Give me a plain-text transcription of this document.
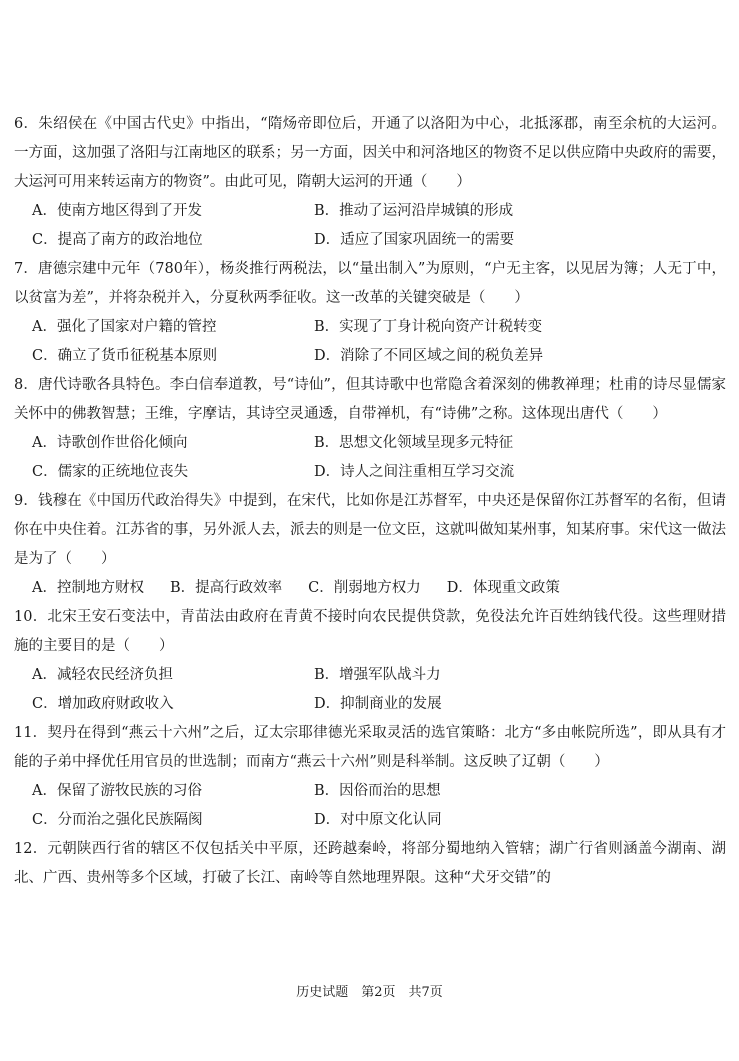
6．朱绍侯在《中国古代史》中指出，“隋炀帝即位后，开通了以洛阳为中心，北抵涿郡，南至余杭的大运河。一方面，这加强了洛阳与江南地区的联系；另一方面，因关中和河洛地区的物资不足以供应隋中央政府的需要，大运河可用来转运南方的物资”。由此可见，隋朝大运河的开通（　　）

A．使南方地区得到了开发	B．推动了运河沿岸城镇的形成
C．提高了南方的政治地位	D．适应了国家巩固统一的需要

7．唐德宗建中元年（780年），杨炎推行两税法，以“量出制入”为原则，“户无主客，以见居为簿；人无丁中，以贫富为差”，并将杂税并入，分夏秋两季征收。这一改革的关键突破是（　　）

A．强化了国家对户籍的管控	B．实现了丁身计税向资产计税转变
C．确立了货币征税基本原则	D．消除了不同区域之间的税负差异

8．唐代诗歌各具特色。李白信奉道教，号“诗仙”，但其诗歌中也常隐含着深刻的佛教禅理；杜甫的诗尽显儒家关怀中的佛教智慧；王维，字摩诘，其诗空灵通透，自带禅机，有“诗佛”之称。这体现出唐代（　　）

A．诗歌创作世俗化倾向	B．思想文化领域呈现多元特征
C．儒家的正统地位丧失	D．诗人之间注重相互学习交流

9．钱穆在《中国历代政治得失》中提到，在宋代，比如你是江苏督军，中央还是保留你江苏督军的名衔，但请你在中央住着。江苏省的事，另外派人去，派去的则是一位文臣，这就叫做知某州事，知某府事。宋代这一做法是为了（　　）

A．控制地方财权 B．提高行政效率 C．削弱地方权力 D．体现重文政策

10．北宋王安石变法中，青苗法由政府在青黄不接时向农民提供贷款，免役法允许百姓纳钱代役。这些理财措施的主要目的是（　　）

A．减轻农民经济负担	B．增强军队战斗力
C．增加政府财政收入	D．抑制商业的发展

11．契丹在得到“燕云十六州”之后，辽太宗耶律德光采取灵活的选官策略：北方“多由帐院所选”，即从具有才能的子弟中择优任用官员的世选制；而南方“燕云十六州”则是科举制。这反映了辽朝（　　）

A．保留了游牧民族的习俗	B．因俗而治的思想
C．分而治之强化民族隔阂	D．对中原文化认同

12．元朝陕西行省的辖区不仅包括关中平原，还跨越秦岭，将部分蜀地纳入管辖；湖广行省则涵盖今湖南、湖北、广西、贵州等多个区域，打破了长江、南岭等自然地理界限。这种“犬牙交错”的

历史试题　第2页　共7页
